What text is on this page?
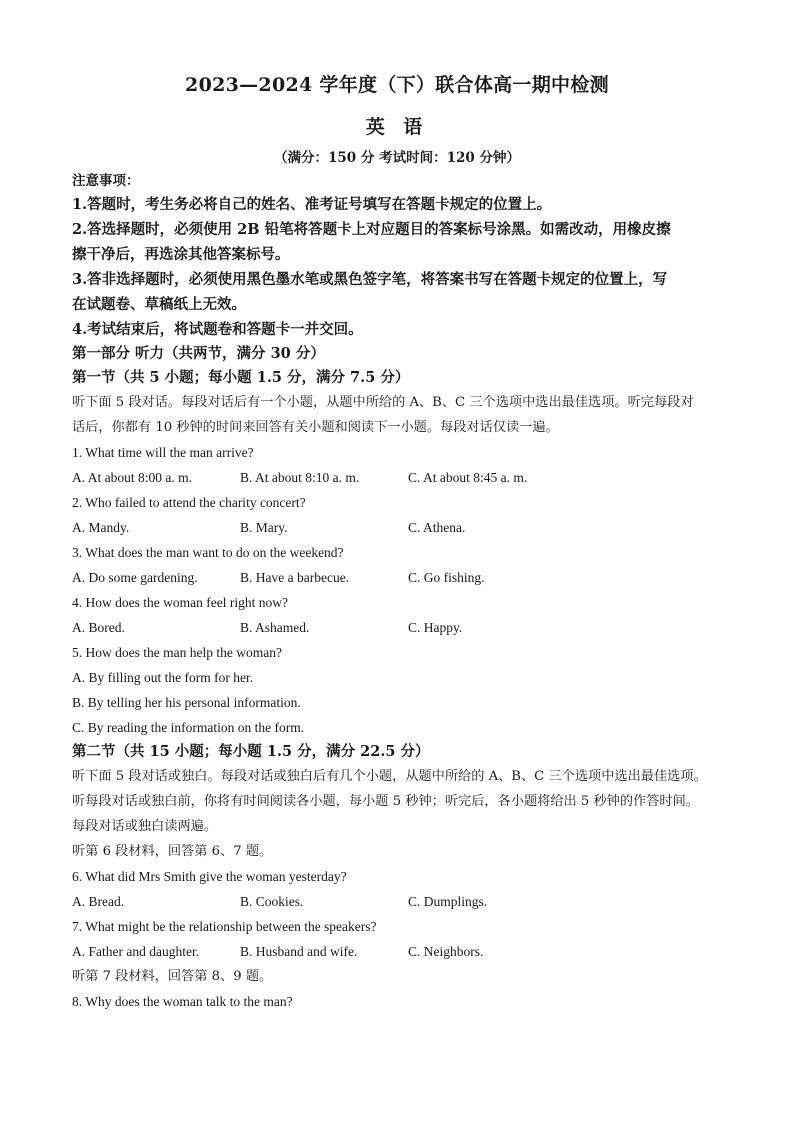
2023—2024 学年度（下）联合体高一期中检测
英 语
（满分：150 分 考试时间：120 分钟）
注意事项：
1.答题时，考生务必将自己的姓名、准考证号填写在答题卡规定的位置上。
2.答选择题时，必须使用 2B 铅笔将答题卡上对应题目的答案标号涂黑。如需改动，用橡皮擦
擦干净后，再选涂其他答案标号。
3.答非选择题时，必须使用黑色墨水笔或黑色签字笔，将答案书写在答题卡规定的位置上，写
在试题卷、草稿纸上无效。
4.考试结束后，将试题卷和答题卡一并交回。
第一部分 听力（共两节，满分 30 分）
第一节（共 5 小题；每小题 1.5 分，满分 7.5 分）
听下面 5 段对话。每段对话后有一个小题，从题中所给的 A、B、C 三个选项中选出最佳选项。听完每段对
话后，你都有 10 秒钟的时间来回答有关小题和阅读下一小题。每段对话仅读一遍。
1. What time will the man arrive?
A. At about 8:00 a. m.	B. At about 8:10 a. m.	C. At about 8:45 a. m.
2. Who failed to attend the charity concert?
A. Mandy.	B. Mary.	C. Athena.
3. What does the man want to do on the weekend?
A. Do some gardening.	B. Have a barbecue.	C. Go fishing.
4. How does the woman feel right now?
A. Bored.	B. Ashamed.	C. Happy.
5. How does the man help the woman?
A. By filling out the form for her.
B. By telling her his personal information.
C. By reading the information on the form.
第二节（共 15 小题；每小题 1.5 分，满分 22.5 分）
听下面 5 段对话或独白。每段对话或独白后有几个小题，从题中所给的 A、B、C 三个选项中选出最佳选项。
听每段对话或独白前，你将有时间阅读各小题，每小题 5 秒钟；听完后，各小题将给出 5 秒钟的作答时间。
每段对话或独白读两遍。
听第 6 段材料，回答第 6、7 题。
6. What did Mrs Smith give the woman yesterday?
A. Bread.	B. Cookies.	C. Dumplings.
7. What might be the relationship between the speakers?
A. Father and daughter.	B. Husband and wife.	C. Neighbors.
听第 7 段材料，回答第 8、9 题。
8. Why does the woman talk to the man?
